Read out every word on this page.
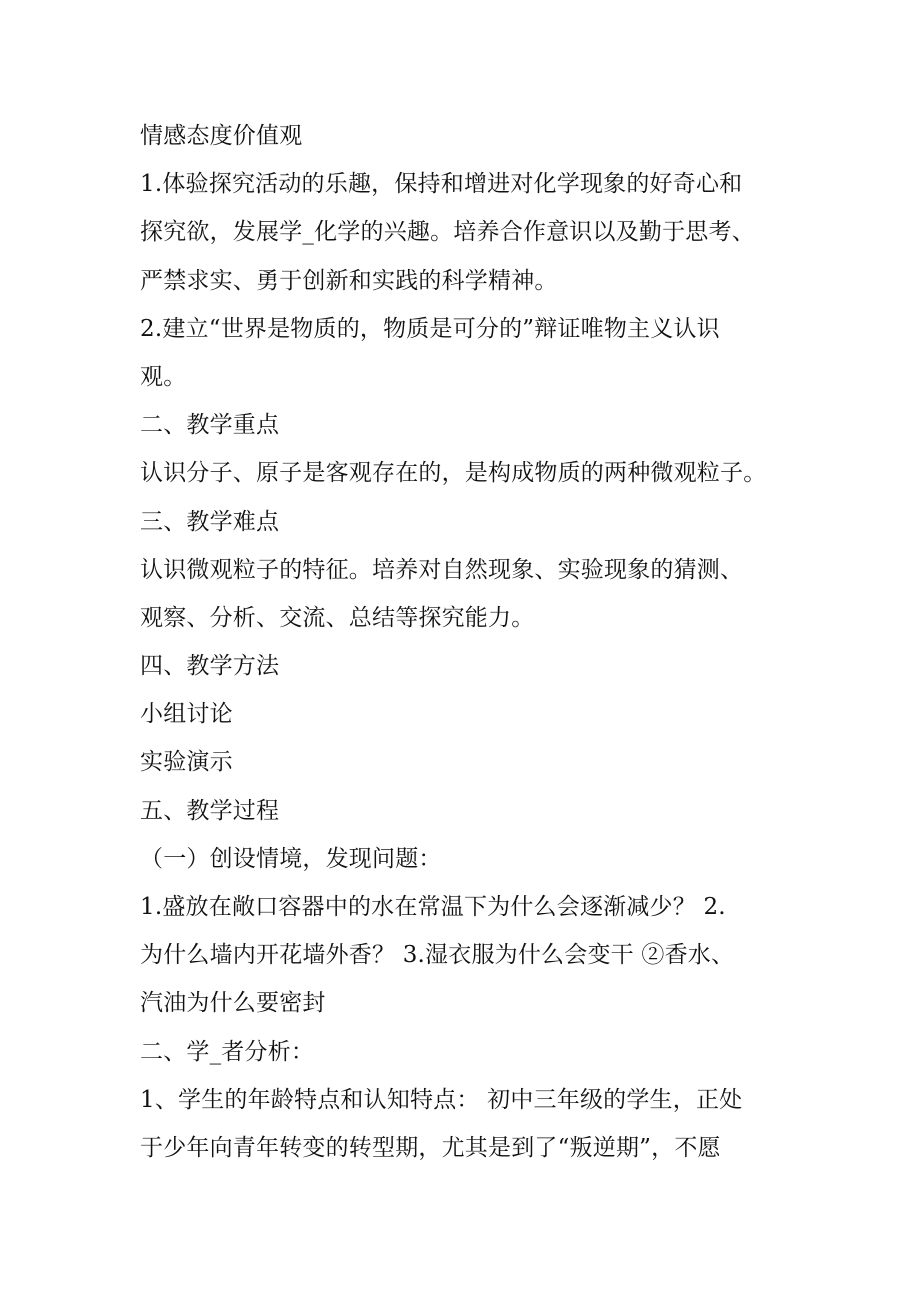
情感态度价值观
1.体验探究活动的乐趣，保持和增进对化学现象的好奇心和
探究欲，发展学_化学的兴趣。培养合作意识以及勤于思考、
严禁求实、勇于创新和实践的科学精神。
2.建立“世界是物质的，物质是可分的”辩证唯物主义认识
观。
二、教学重点
认识分子、原子是客观存在的，是构成物质的两种微观粒子。
三、教学难点
认识微观粒子的特征。培养对自然现象、实验现象的猜测、
观察、分析、交流、总结等探究能力。
四、教学方法
小组讨论
实验演示
五、教学过程
（一）创设情境，发现问题：
1.盛放在敞口容器中的水在常温下为什么会逐渐减少？ 2.
为什么墙内开花墙外香？ 3.湿衣服为什么会变干 ②香水、
汽油为什么要密封
二、学_者分析：
1、学生的年龄特点和认知特点： 初中三年级的学生，正处
于少年向青年转变的转型期，尤其是到了“叛逆期”，不愿
